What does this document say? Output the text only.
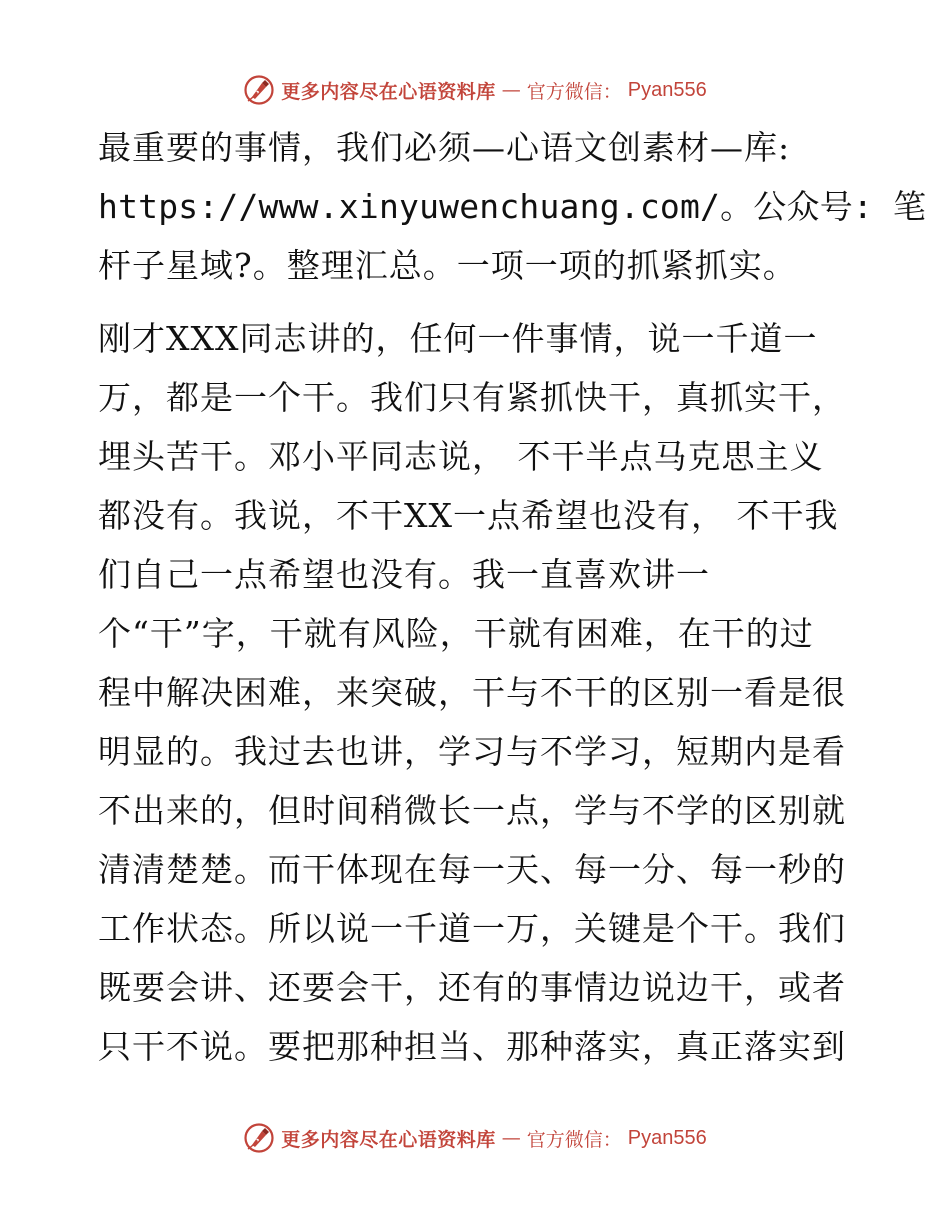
更多内容尽在心语资料库 — 官方微信： Pyan556

最重要的事情，我们必须—心语文创素材—库:
https://www.xinyuwenchuang.com/。公众号: 笔
杆子星域?。整理汇总。一项一项的抓紧抓实。

刚才XXX同志讲的，任何一件事情，说一千道一
万，都是一个干。我们只有紧抓快干，真抓实干，
埋头苦干。邓小平同志说， 不干半点马克思主义
都没有。我说，不干XX一点希望也没有， 不干我
们自己一点希望也没有。我一直喜欢讲一
个“干”字，干就有风险，干就有困难，在干的过
程中解决困难，来突破，干与不干的区别一看是很
明显的。我过去也讲，学习与不学习，短期内是看
不出来的，但时间稍微长一点，学与不学的区别就
清清楚楚。而干体现在每一天、每一分、每一秒的
工作状态。所以说一千道一万，关键是个干。我们
既要会讲、还要会干，还有的事情边说边干，或者
只干不说。要把那种担当、那种落实，真正落实到

更多内容尽在心语资料库 — 官方微信： Pyan556
